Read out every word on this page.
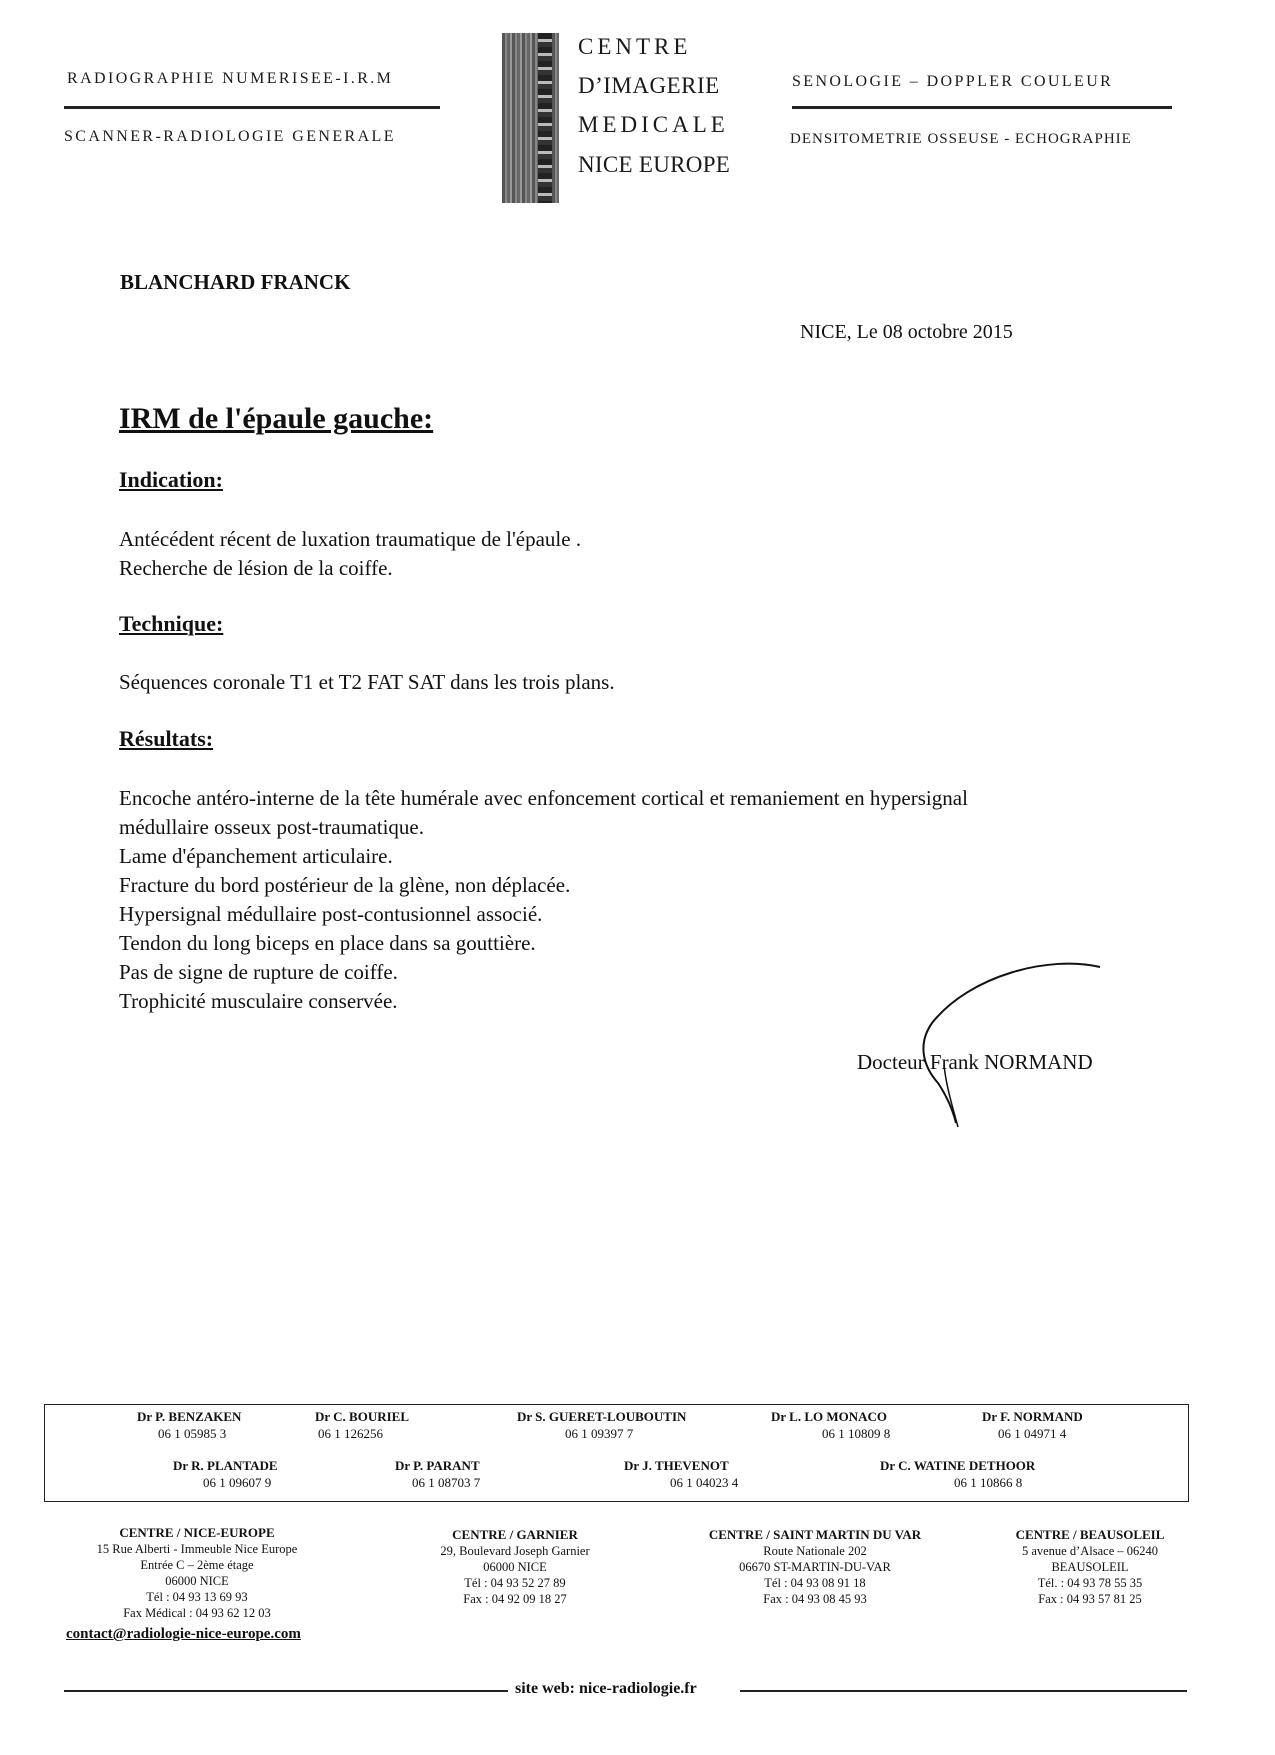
RADIOGRAPHIE NUMERISEE-I.R.M
SCANNER-RADIOLOGIE GENERALE
CENTRE
D’IMAGERIE
MEDICALE
NICE EUROPE
SENOLOGIE – DOPPLER COULEUR
DENSITOMETRIE OSSEUSE - ECHOGRAPHIE
BLANCHARD FRANCK
NICE, Le 08 octobre 2015
IRM de l'épaule gauche:
Indication:
Antécédent récent de luxation traumatique de l'épaule .
Recherche de lésion de la coiffe.
Technique:
Séquences coronale T1 et T2 FAT SAT dans les trois plans.
Résultats:
Encoche antéro-interne de la tête humérale avec enfoncement cortical et remaniement en hypersignal
médullaire osseux post-traumatique.
Lame d'épanchement articulaire.
Fracture du bord postérieur de la glène, non déplacée.
Hypersignal médullaire post-contusionnel associé.
Tendon du long biceps en place dans sa gouttière.
Pas de signe de rupture de coiffe.
Trophicité musculaire conservée.
Docteur Frank NORMAND
Dr P. BENZAKEN
06 1 05985 3
Dr C. BOURIEL
06 1 126256
Dr S. GUERET-LOUBOUTIN
06 1 09397 7
Dr L. LO MONACO
06 1 10809 8
Dr F. NORMAND
06 1 04971 4
Dr R. PLANTADE
06 1 09607 9
Dr P. PARANT
06 1 08703 7
Dr J. THEVENOT
06 1 04023 4
Dr C. WATINE DETHOOR
06 1 10866 8
CENTRE / NICE-EUROPE
15 Rue Alberti - Immeuble Nice Europe
Entrée C – 2ème étage
06000 NICE
Tél : 04 93 13 69 93
Fax Médical : 04 93 62 12 03
contact@radiologie-nice-europe.com
CENTRE / GARNIER
29, Boulevard Joseph Garnier
06000 NICE
Tél : 04 93 52 27 89
Fax : 04 92 09 18 27
CENTRE / SAINT MARTIN DU VAR
Route Nationale 202
06670 ST-MARTIN-DU-VAR
Tél : 04 93 08 91 18
Fax : 04 93 08 45 93
CENTRE / BEAUSOLEIL
5 avenue d’Alsace – 06240
BEAUSOLEIL
Tél. : 04 93 78 55 35
Fax : 04 93 57 81 25
site web: nice-radiologie.fr
